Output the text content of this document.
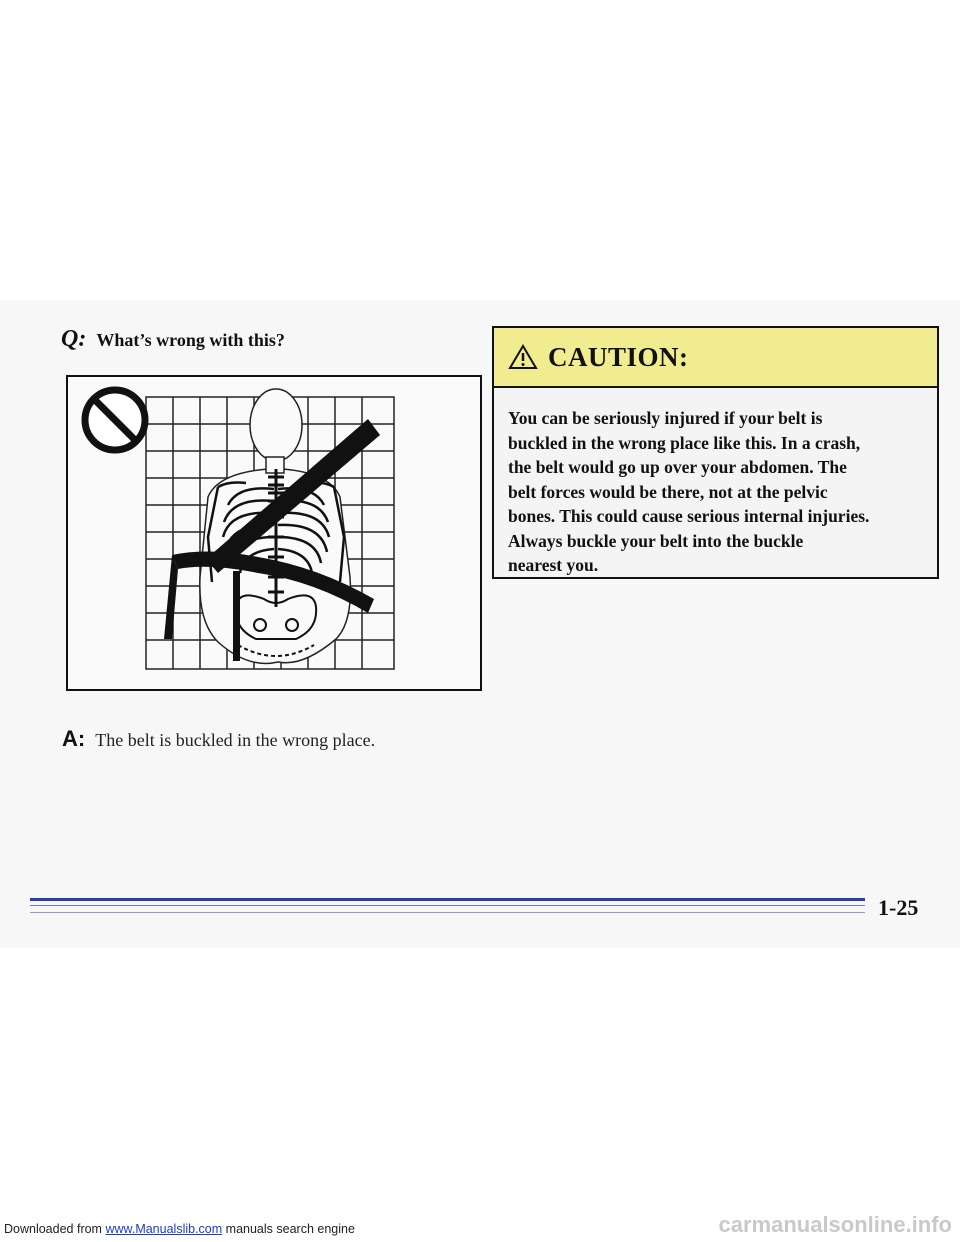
Q: What’s wrong with this?
A: The belt is buckled in the wrong place.
CAUTION:
You can be seriously injured if your belt is
buckled in the wrong place like this. In a crash,
the belt would go up over your abdomen. The
belt forces would be there, not at the pelvic
bones. This could cause serious internal injuries.
Always buckle your belt into the buckle
nearest you.
1-25
Downloaded from www.Manualslib.com manuals search engine	carmanualsonline.info
